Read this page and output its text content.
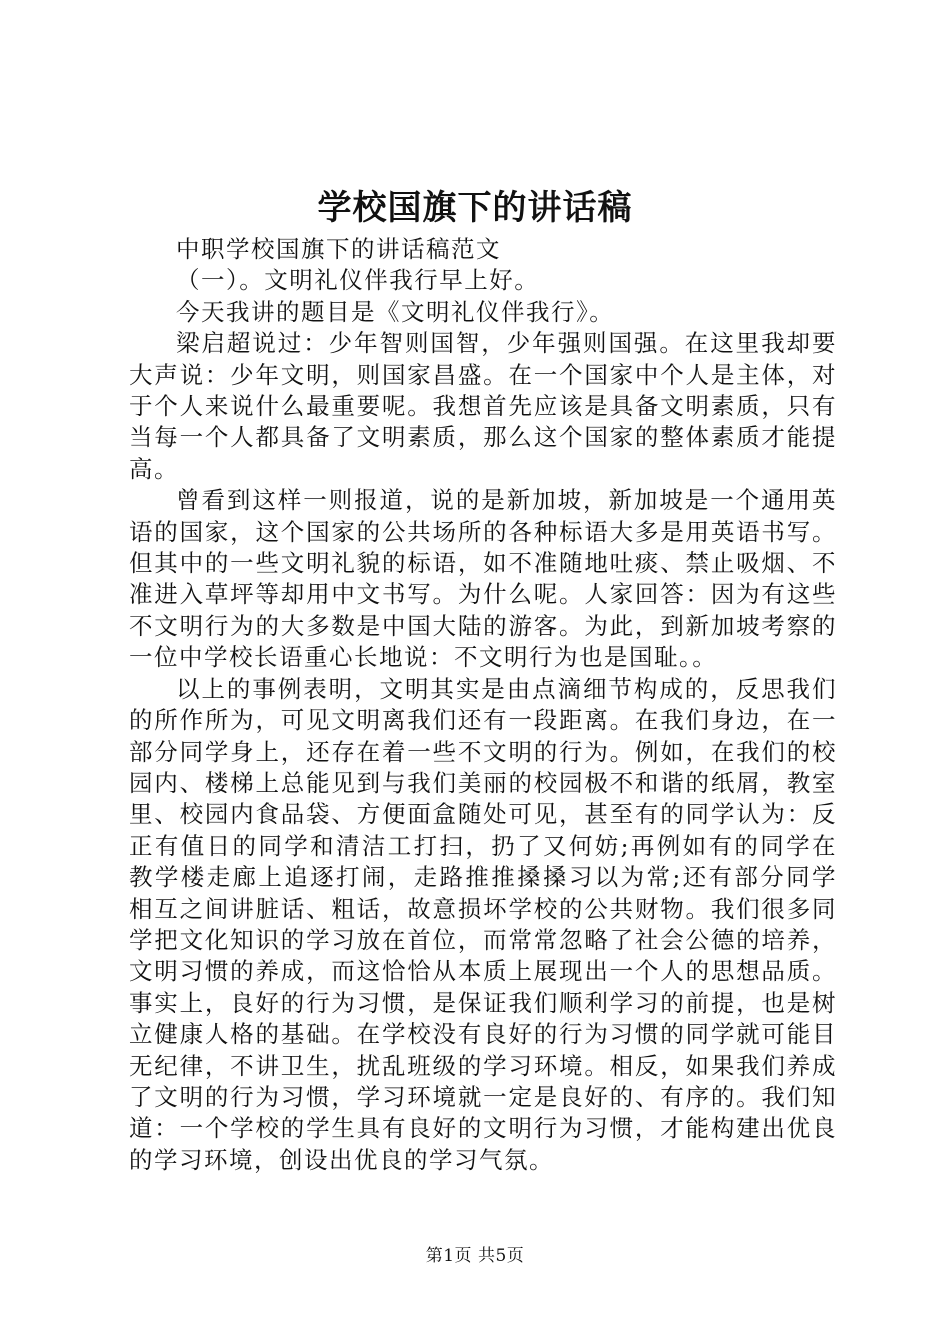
学校国旗下的讲话稿

中职学校国旗下的讲话稿范文

（一）。文明礼仪伴我行早上好。

今天我讲的题目是《文明礼仪伴我行》。

梁启超说过：少年智则国智，少年强则国强。在这里我却要大声说：少年文明，则国家昌盛。在一个国家中个人是主体，对于个人来说什么最重要呢。我想首先应该是具备文明素质，只有当每一个人都具备了文明素质，那么这个国家的整体素质才能提高。

曾看到这样一则报道，说的是新加坡，新加坡是一个通用英语的国家，这个国家的公共场所的各种标语大多是用英语书写。但其中的一些文明礼貌的标语，如不准随地吐痰、禁止吸烟、不准进入草坪等却用中文书写。为什么呢。人家回答：因为有这些不文明行为的大多数是中国大陆的游客。为此，到新加坡考察的一位中学校长语重心长地说：不文明行为也是国耻。。

以上的事例表明，文明其实是由点滴细节构成的，反思我们的所作所为，可见文明离我们还有一段距离。在我们身边，在一部分同学身上，还存在着一些不文明的行为。例如，在我们的校园内、楼梯上总能见到与我们美丽的校园极不和谐的纸屑，教室里、校园内食品袋、方便面盒随处可见，甚至有的同学认为：反正有值日的同学和清洁工打扫，扔了又何妨;再例如有的同学在教学楼走廊上追逐打闹，走路推推搡搡习以为常;还有部分同学相互之间讲脏话、粗话，故意损坏学校的公共财物。我们很多同学把文化知识的学习放在首位，而常常忽略了社会公德的培养，文明习惯的养成，而这恰恰从本质上展现出一个人的思想品质。事实上，良好的行为习惯，是保证我们顺利学习的前提，也是树立健康人格的基础。在学校没有良好的行为习惯的同学就可能目无纪律，不讲卫生，扰乱班级的学习环境。相反，如果我们养成了文明的行为习惯，学习环境就一定是良好的、有序的。我们知道：一个学校的学生具有良好的文明行为习惯，才能构建出优良的学习环境，创设出优良的学习气氛。

第1页 共5页
